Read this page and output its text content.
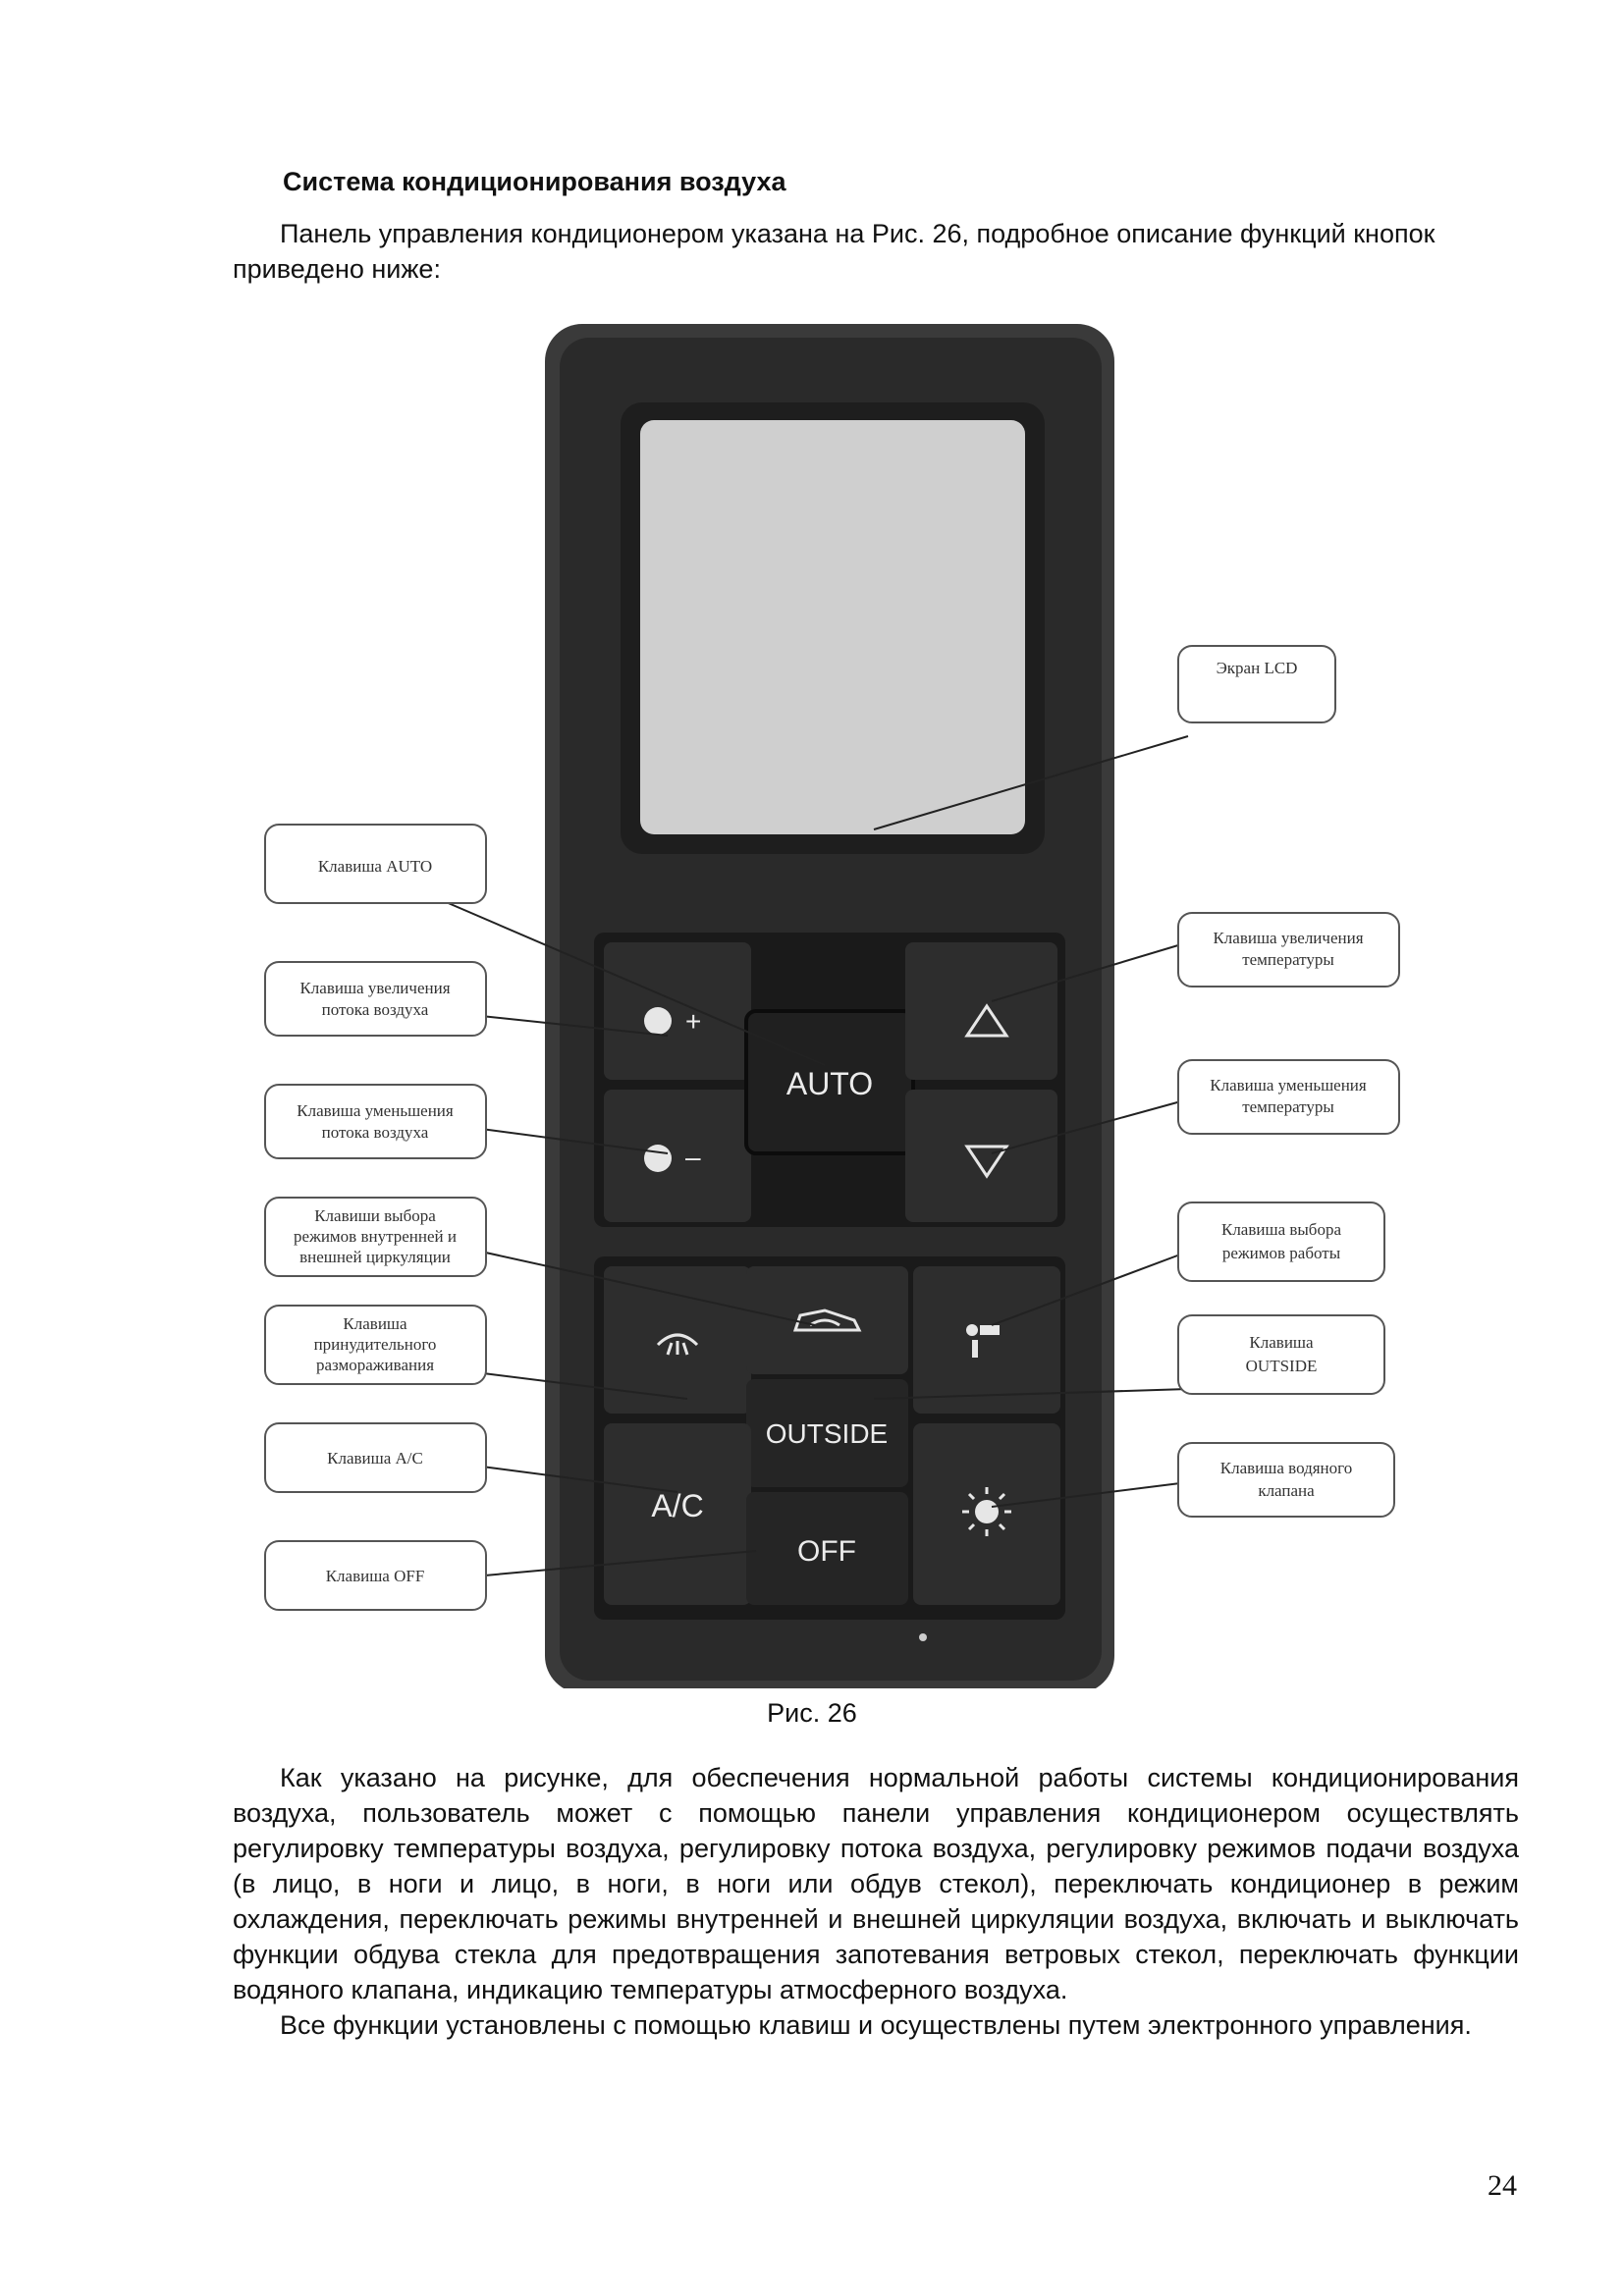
Система кондиционирования воздуха
Панель управления кондиционером указана на Рис. 26, подробное описание функций кнопок приведено ниже:
+
–
AUTO
OUTSIDE
A/C
OFF
Клавиша AUTO
Клавиша увеличения
потока воздуха
Клавиша уменьшения
потока воздуха
Клавиши выбора
режимов внутренней и
внешней циркуляции
Клавиша
принудительного
размораживания
Клавиша A/C
Клавиша OFF
Экран LCD
Клавиша увеличения
температуры
Клавиша уменьшения
температуры
Клавиша выбора
режимов работы
Клавиша
OUTSIDE
Клавиша водяного
клапана
Рис. 26

Как указано на рисунке, для обеспечения нормальной работы системы кондиционирования воздуха, пользователь может с помощью панели управления кондиционером осуществлять регулировку температуры воздуха, регулировку потока воздуха, регулировку режимов подачи воздуха (в лицо, в ноги и лицо, в ноги, в ноги или обдув стекол), переключать кондиционер в режим охлаждения, переключать режимы внутренней и внешней циркуляции воздуха, включать и выключать функции обдува стекла для предотвращения запотевания ветровых стекол, переключать функции водяного клапана, индикацию температуры атмосферного воздуха.

Все функции установлены с помощью клавиш и осуществлены путем электронного управления.

24
